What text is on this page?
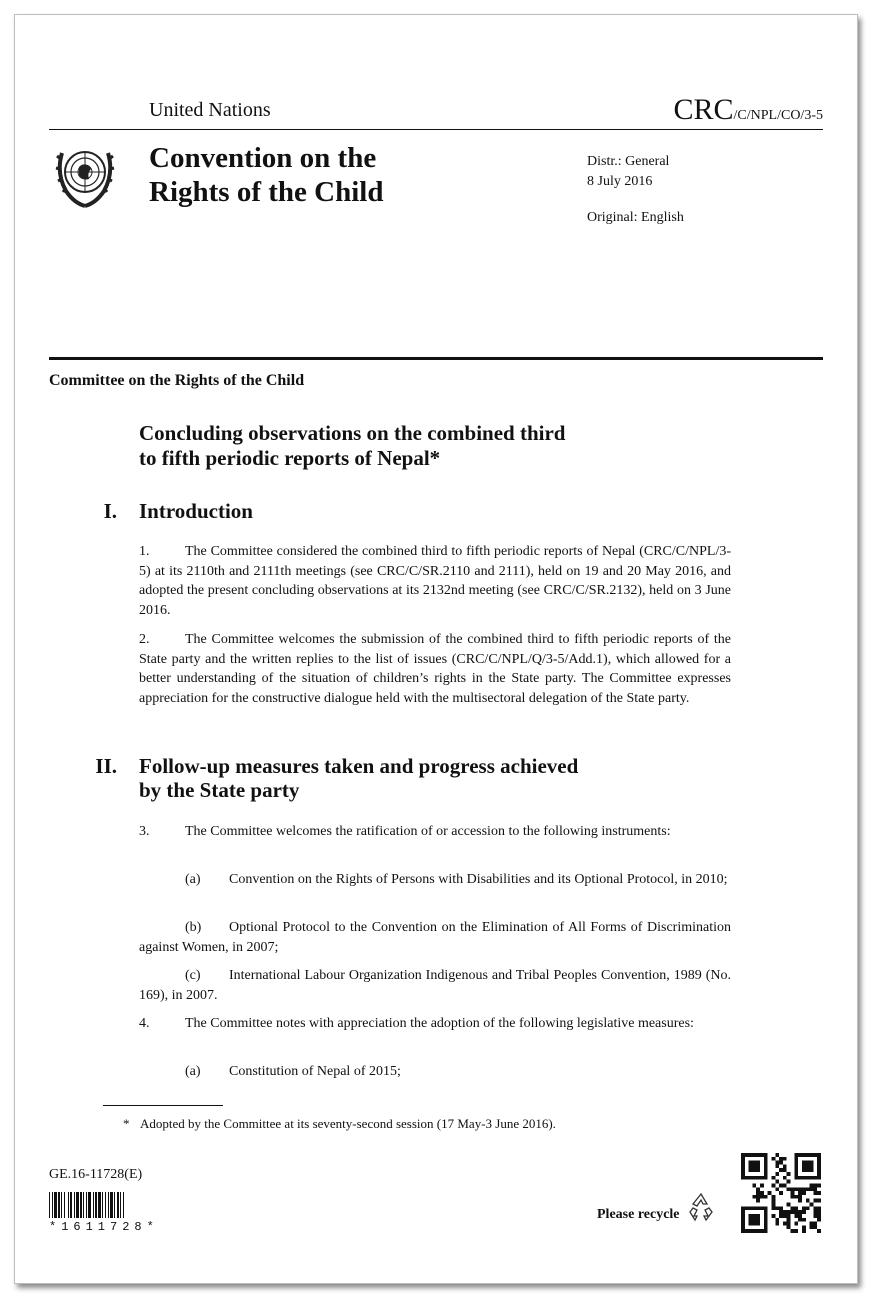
United Nations	CRC/C/NPL/CO/3-5
Convention on the
Rights of the Child
Distr.: General
8 July 2016
Original: English
Committee on the Rights of the Child
Concluding observations on the combined third
to fifth periodic reports of Nepal*
I. Introduction
1.	The Committee considered the combined third to fifth periodic reports of Nepal (CRC/C/NPL/3-5) at its 2110th and 2111th meetings (see CRC/C/SR.2110 and 2111), held on 19 and 20 May 2016, and adopted the present concluding observations at its 2132nd meeting (see CRC/C/SR.2132), held on 3 June 2016.
2.	The Committee welcomes the submission of the combined third to fifth periodic reports of the State party and the written replies to the list of issues (CRC/C/NPL/Q/3-5/Add.1), which allowed for a better understanding of the situation of children’s rights in the State party. The Committee expresses appreciation for the constructive dialogue held with the multisectoral delegation of the State party.
II. Follow-up measures taken and progress achieved
by the State party
3.	The Committee welcomes the ratification of or accession to the following instruments:
(a) Convention on the Rights of Persons with Disabilities and its Optional Protocol, in 2010;
(b) Optional Protocol to the Convention on the Elimination of All Forms of Discrimination against Women, in 2007;
(c) International Labour Organization Indigenous and Tribal Peoples Convention, 1989 (No. 169), in 2007.
4.	The Committee notes with appreciation the adoption of the following legislative measures:
(a) Constitution of Nepal of 2015;
* Adopted by the Committee at its seventy-second session (17 May-3 June 2016).
GE.16-11728(E)
*1611728*
Please recycle
